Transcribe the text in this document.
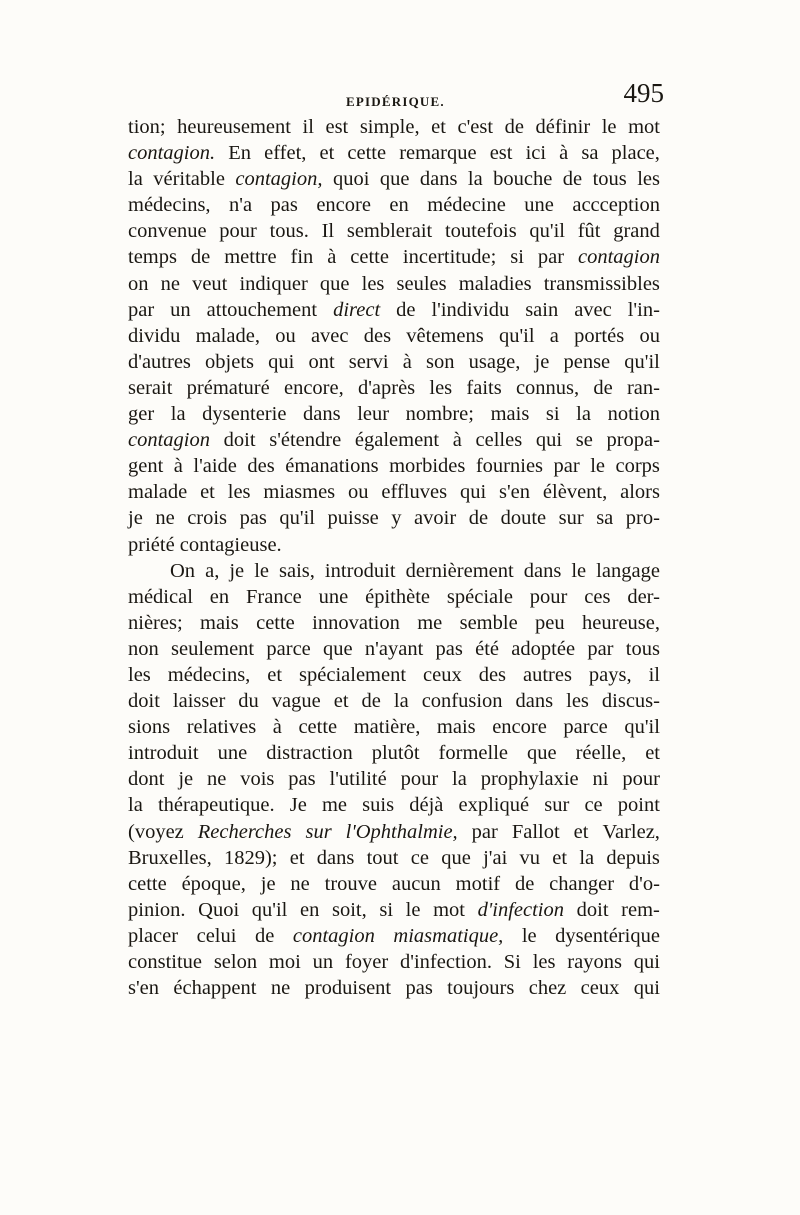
EPIDÉRIQUE.	495
tion; heureusement il est simple, et c'est de définir le mot
contagion. En effet, et cette remarque est ici à sa place,
la véritable contagion, quoi que dans la bouche de tous les
médecins, n'a pas encore en médecine une accception
convenue pour tous. Il semblerait toutefois qu'il fût grand
temps de mettre fin à cette incertitude; si par contagion
on ne veut indiquer que les seules maladies transmissibles
par un attouchement direct de l'individu sain avec l'in-
dividu malade, ou avec des vêtemens qu'il a portés ou
d'autres objets qui ont servi à son usage, je pense qu'il
serait prématuré encore, d'après les faits connus, de ran-
ger la dysenterie dans leur nombre; mais si la notion
contagion doit s'étendre également à celles qui se propa-
gent à l'aide des émanations morbides fournies par le corps
malade et les miasmes ou effluves qui s'en élèvent, alors
je ne crois pas qu'il puisse y avoir de doute sur sa pro-
priété contagieuse.
On a, je le sais, introduit dernièrement dans le langage
médical en France une épithète spéciale pour ces der-
nières; mais cette innovation me semble peu heureuse,
non seulement parce que n'ayant pas été adoptée par tous
les médecins, et spécialement ceux des autres pays, il
doit laisser du vague et de la confusion dans les discus-
sions relatives à cette matière, mais encore parce qu'il
introduit une distraction plutôt formelle que réelle, et
dont je ne vois pas l'utilité pour la prophylaxie ni pour
la thérapeutique. Je me suis déjà expliqué sur ce point
(voyez Recherches sur l'Ophthalmie, par Fallot et Varlez,
Bruxelles, 1829); et dans tout ce que j'ai vu et la depuis
cette époque, je ne trouve aucun motif de changer d'o-
pinion. Quoi qu'il en soit, si le mot d'infection doit rem-
placer celui de contagion miasmatique, le dysentérique
constitue selon moi un foyer d'infection. Si les rayons qui
s'en échappent ne produisent pas toujours chez ceux qui
